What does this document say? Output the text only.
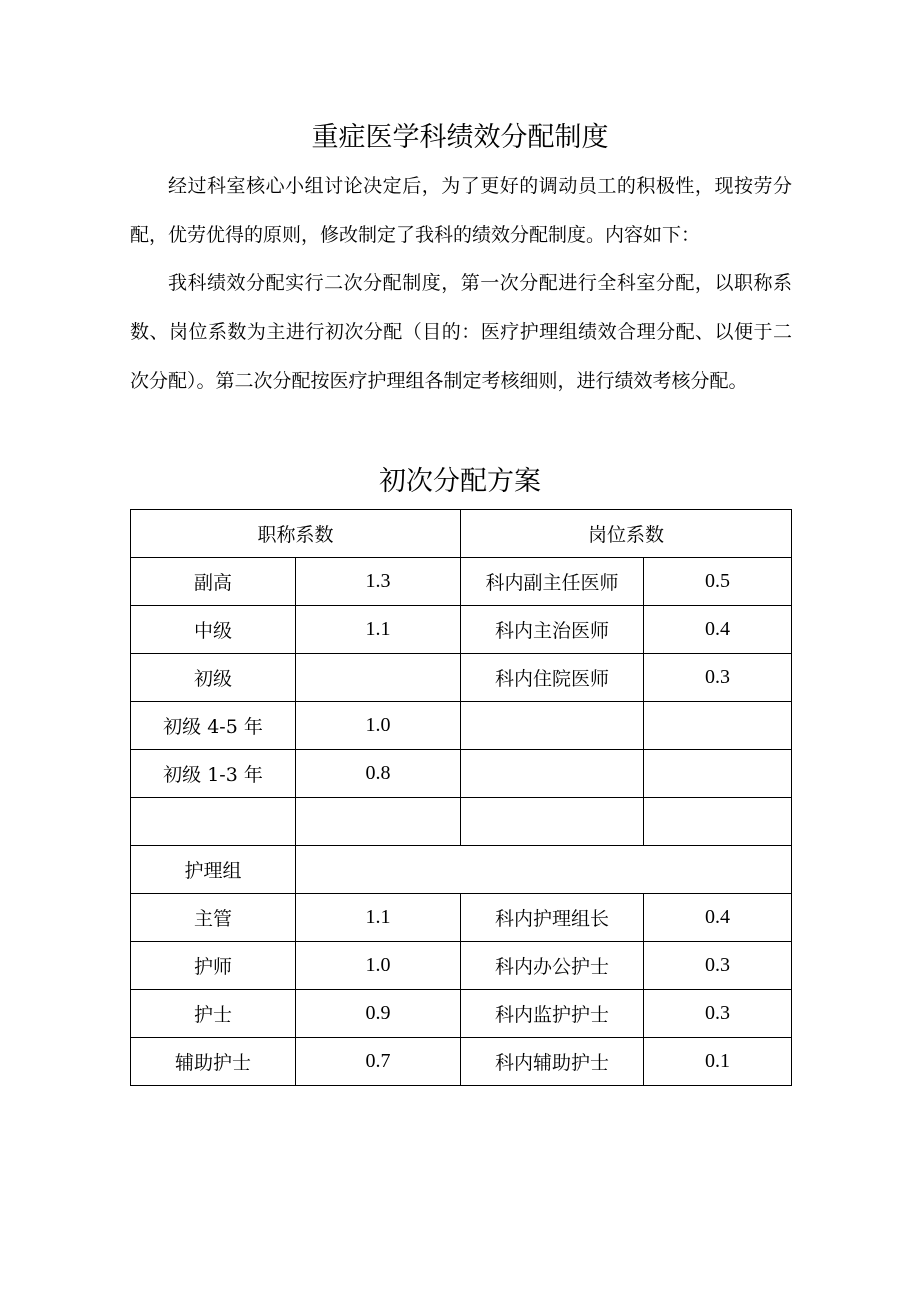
重症医学科绩效分配制度

经过科室核心小组讨论决定后，为了更好的调动员工的积极性，现按劳分配，优劳优得的原则，修改制定了我科的绩效分配制度。内容如下：

我科绩效分配实行二次分配制度，第一次分配进行全科室分配，以职称系数、岗位系数为主进行初次分配（目的：医疗护理组绩效合理分配、以便于二次分配）。第二次分配按医疗护理组各制定考核细则，进行绩效考核分配。

初次分配方案
职称系数		岗位系数	
副高	1.3	科内副主任医师	0.5
中级	1.1	科内主治医师	0.4
初级		科内住院医师	0.3
初级 4-5 年	1.0		
初级 1-3 年	0.8		

护理组			
主管	1.1	科内护理组长	0.4
护师	1.0	科内办公护士	0.3
护士	0.9	科内监护护士	0.3
辅助护士	0.7	科内辅助护士	0.1
